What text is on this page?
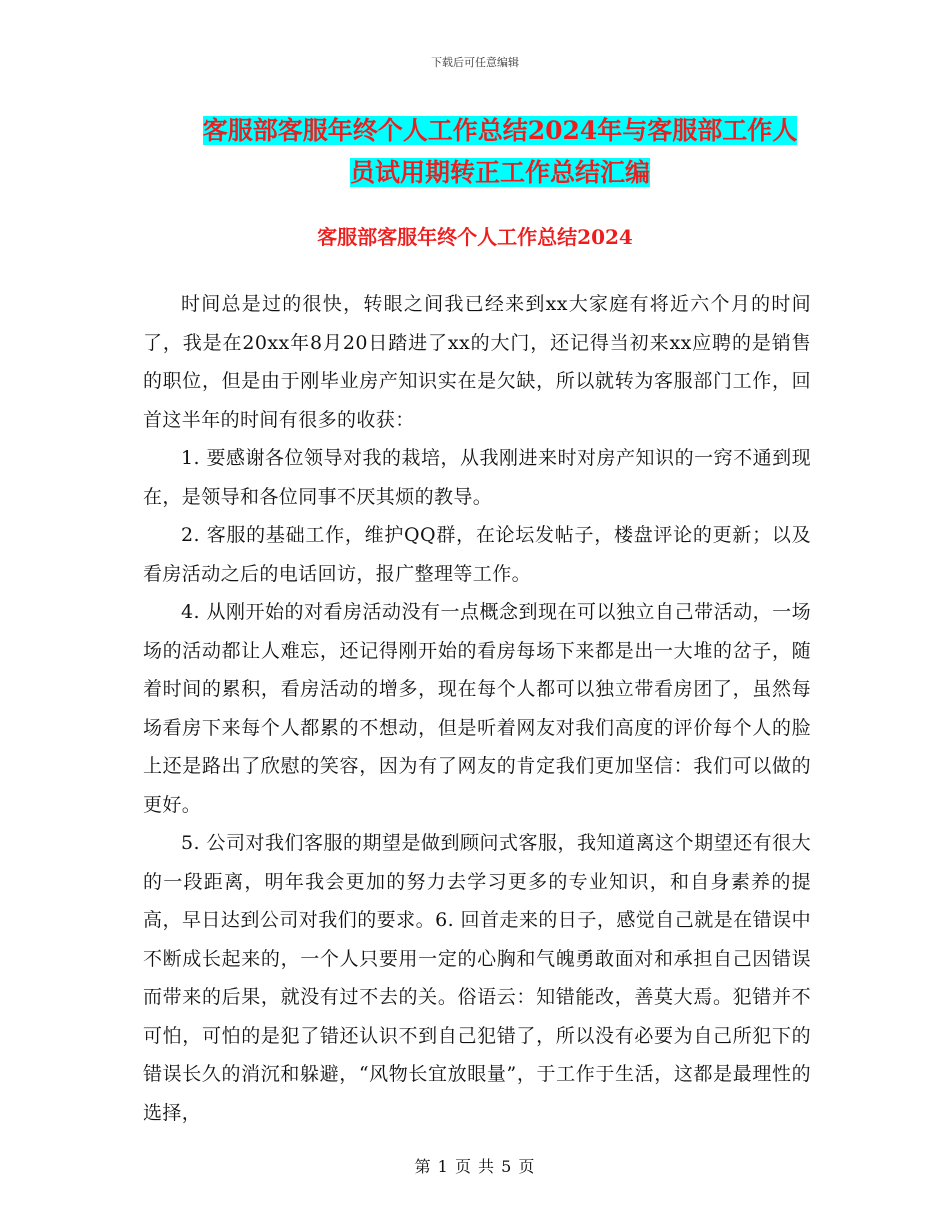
下载后可任意编辑
客服部客服年终个人工作总结2024年与客服部工作人
员试用期转正工作总结汇编
客服部客服年终个人工作总结2024

时间总是过的很快，转眼之间我已经来到xx大家庭有将近六个月的时间了，我是在20xx年8月20日踏进了xx的大门，还记得当初来xx应聘的是销售的职位，但是由于刚毕业房产知识实在是欠缺，所以就转为客服部门工作，回首这半年的时间有很多的收获：

1. 要感谢各位领导对我的栽培，从我刚进来时对房产知识的一窍不通到现在，是领导和各位同事不厌其烦的教导。

2. 客服的基础工作，维护QQ群，在论坛发帖子，楼盘评论的更新；以及看房活动之后的电话回访，报广整理等工作。

4. 从刚开始的对看房活动没有一点概念到现在可以独立自己带活动，一场场的活动都让人难忘，还记得刚开始的看房每场下来都是出一大堆的岔子，随着时间的累积，看房活动的增多，现在每个人都可以独立带看房团了，虽然每场看房下来每个人都累的不想动，但是听着网友对我们高度的评价每个人的脸上还是路出了欣慰的笑容，因为有了网友的肯定我们更加坚信：我们可以做的更好。

5. 公司对我们客服的期望是做到顾问式客服，我知道离这个期望还有很大的一段距离，明年我会更加的努力去学习更多的专业知识，和自身素养的提高，早日达到公司对我们的要求。6. 回首走来的日子，感觉自己就是在错误中不断成长起来的，一个人只要用一定的心胸和气魄勇敢面对和承担自己因错误而带来的后果，就没有过不去的关。俗语云：知错能改，善莫大焉。犯错并不可怕，可怕的是犯了错还认识不到自己犯错了，所以没有必要为自己所犯下的错误长久的消沉和躲避，“风物长宜放眼量”，于工作于生活，这都是最理性的选择，

第 1 页 共 5 页
